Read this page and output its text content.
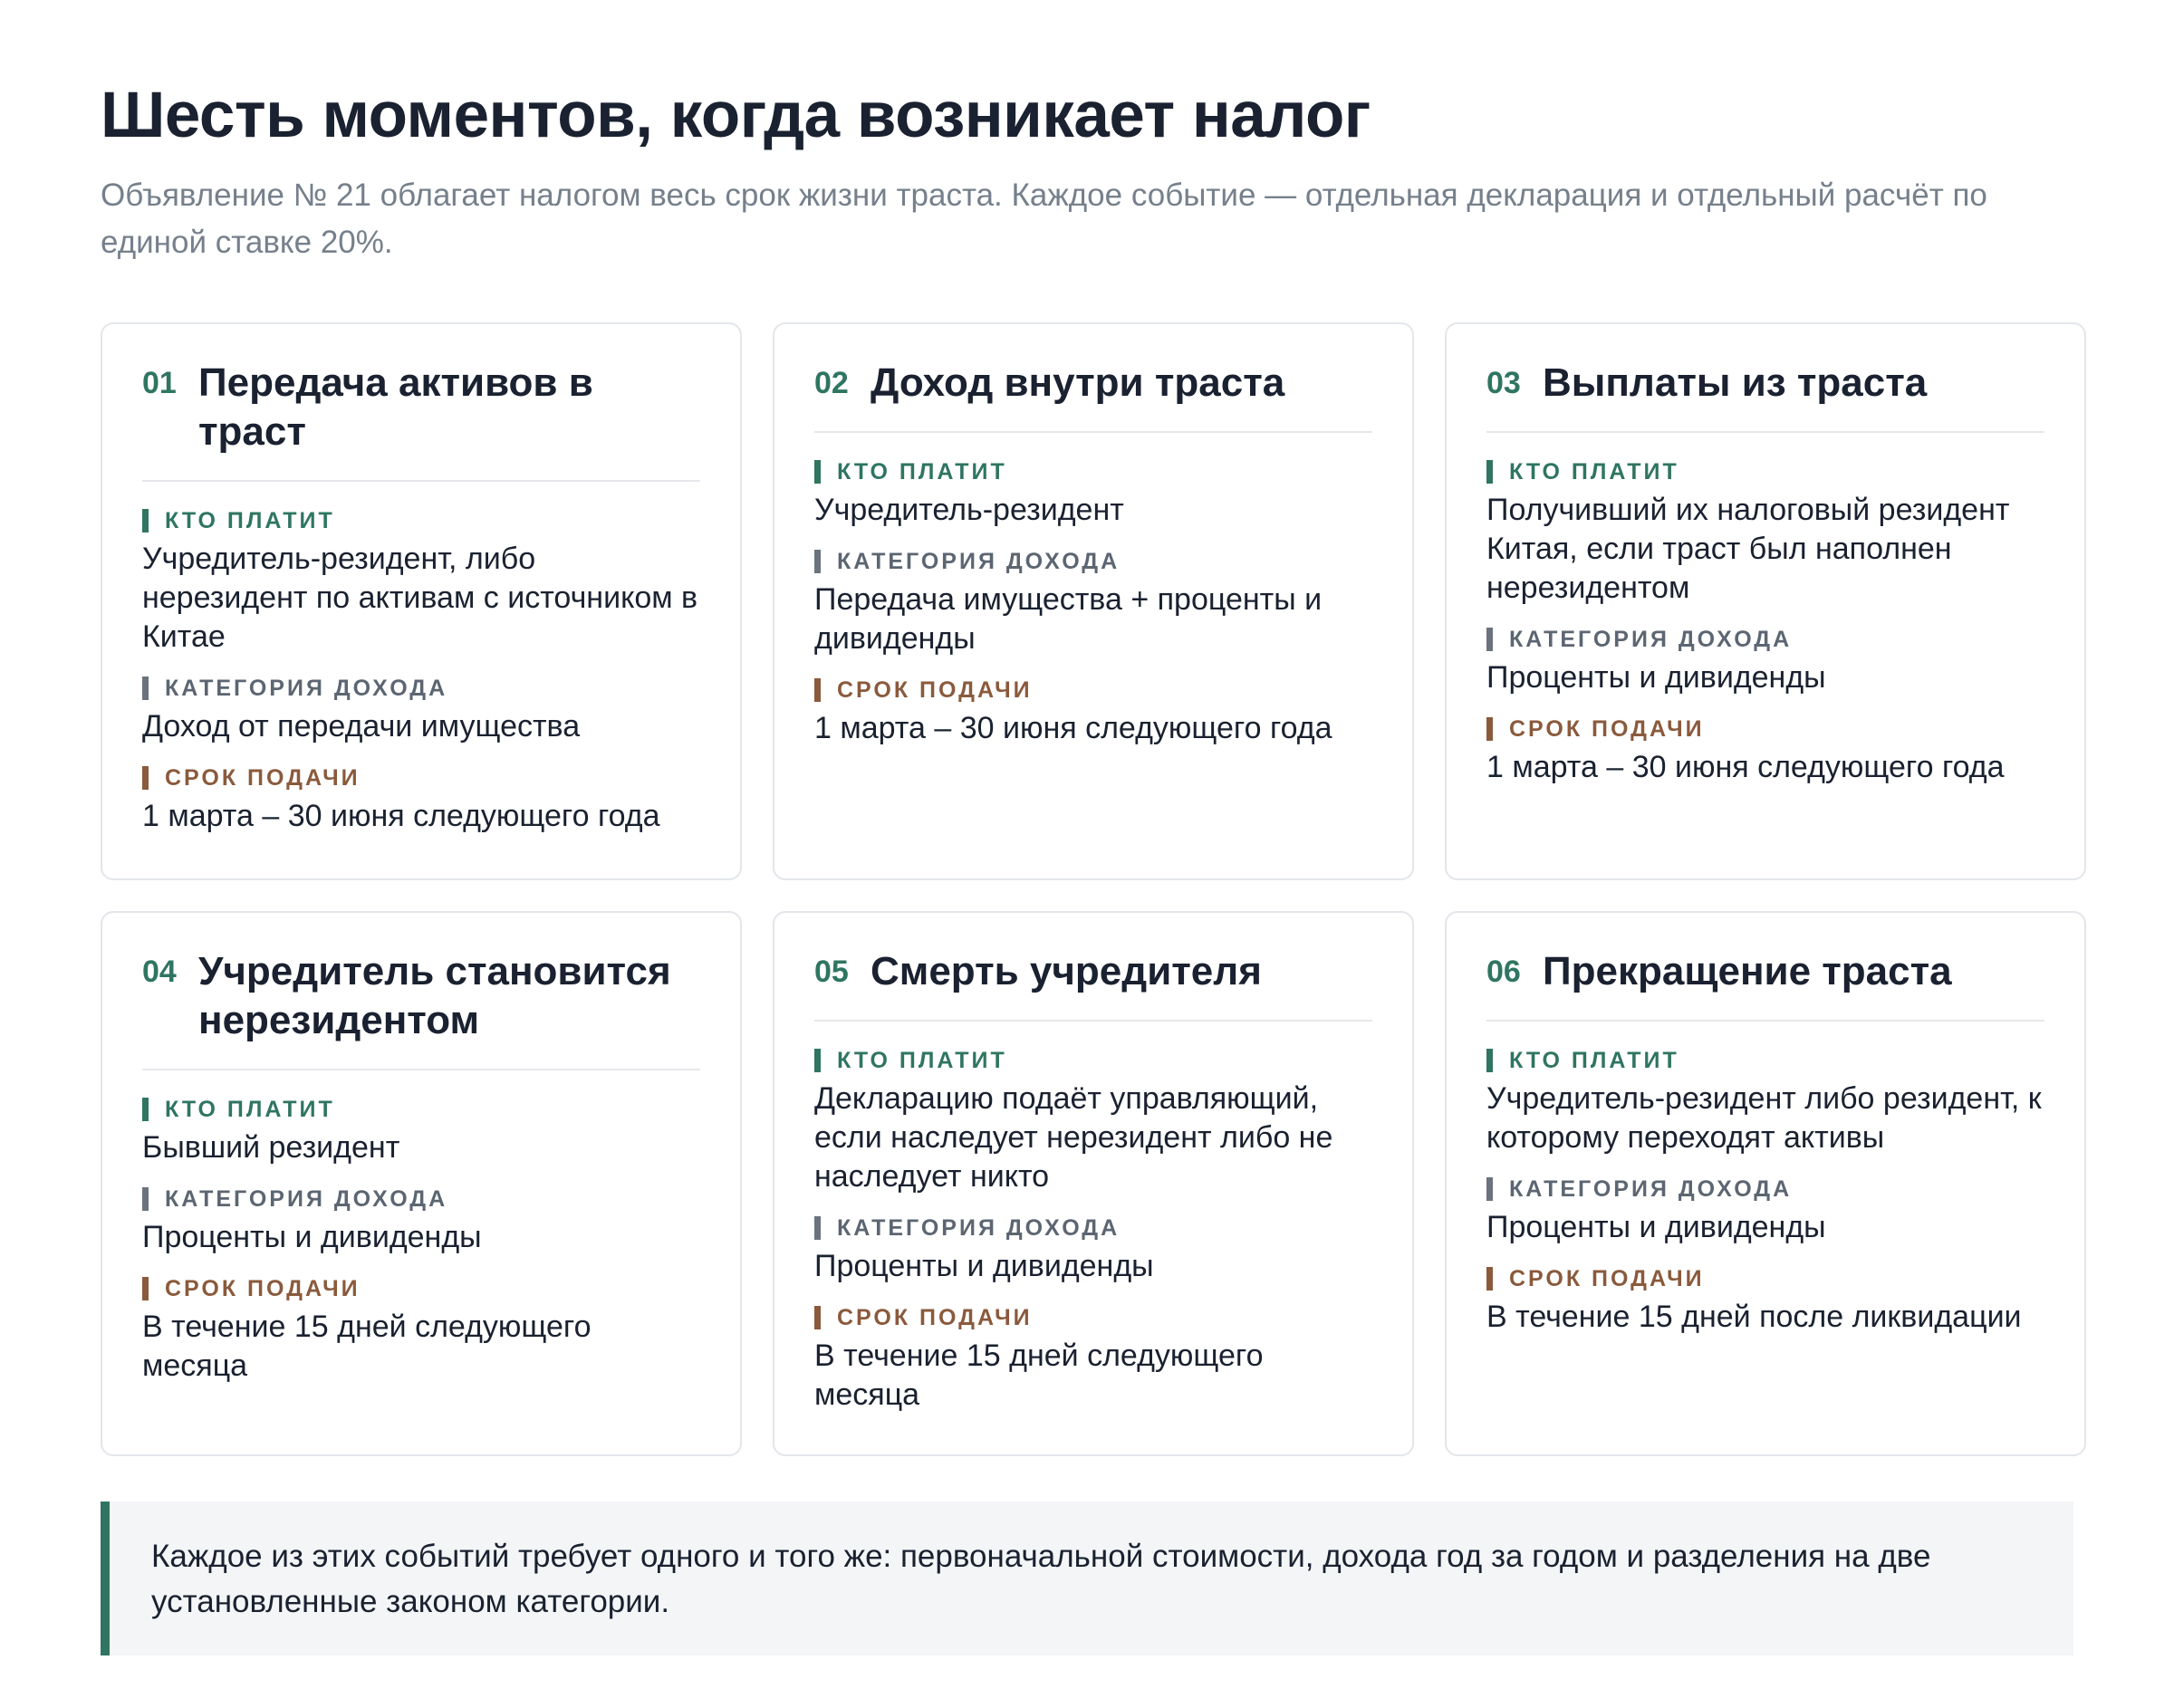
Шесть моментов, когда возникает налог

Объявление № 21 облагает налогом весь срок жизни траста. Каждое событие — отдельная декларация и отдельный расчёт по единой ставке 20%.

01 Передача активов в траст
КТО ПЛАТИТ
Учредитель-резидент, либо нерезидент по активам с источником в Китае
КАТЕГОРИЯ ДОХОДА
Доход от передачи имущества
СРОК ПОДАЧИ
1 марта – 30 июня следующего года
02 Доход внутри траста
КТО ПЛАТИТ
Учредитель-резидент
КАТЕГОРИЯ ДОХОДА
Передача имущества + проценты и дивиденды
СРОК ПОДАЧИ
1 марта – 30 июня следующего года
03 Выплаты из траста
КТО ПЛАТИТ
Получивший их налоговый резидент Китая, если траст был наполнен нерезидентом
КАТЕГОРИЯ ДОХОДА
Проценты и дивиденды
СРОК ПОДАЧИ
1 марта – 30 июня следующего года
04 Учредитель становится нерезидентом
КТО ПЛАТИТ
Бывший резидент
КАТЕГОРИЯ ДОХОДА
Проценты и дивиденды
СРОК ПОДАЧИ
В течение 15 дней следующего месяца
05 Смерть учредителя
КТО ПЛАТИТ
Декларацию подаёт управляющий, если наследует нерезидент либо не наследует никто
КАТЕГОРИЯ ДОХОДА
Проценты и дивиденды
СРОК ПОДАЧИ
В течение 15 дней следующего месяца
06 Прекращение траста
КТО ПЛАТИТ
Учредитель-резидент либо резидент, к которому переходят активы
КАТЕГОРИЯ ДОХОДА
Проценты и дивиденды
СРОК ПОДАЧИ
В течение 15 дней после ликвидации
Каждое из этих событий требует одного и того же: первоначальной стоимости, дохода год за годом и разделения на две установленные законом категории.
